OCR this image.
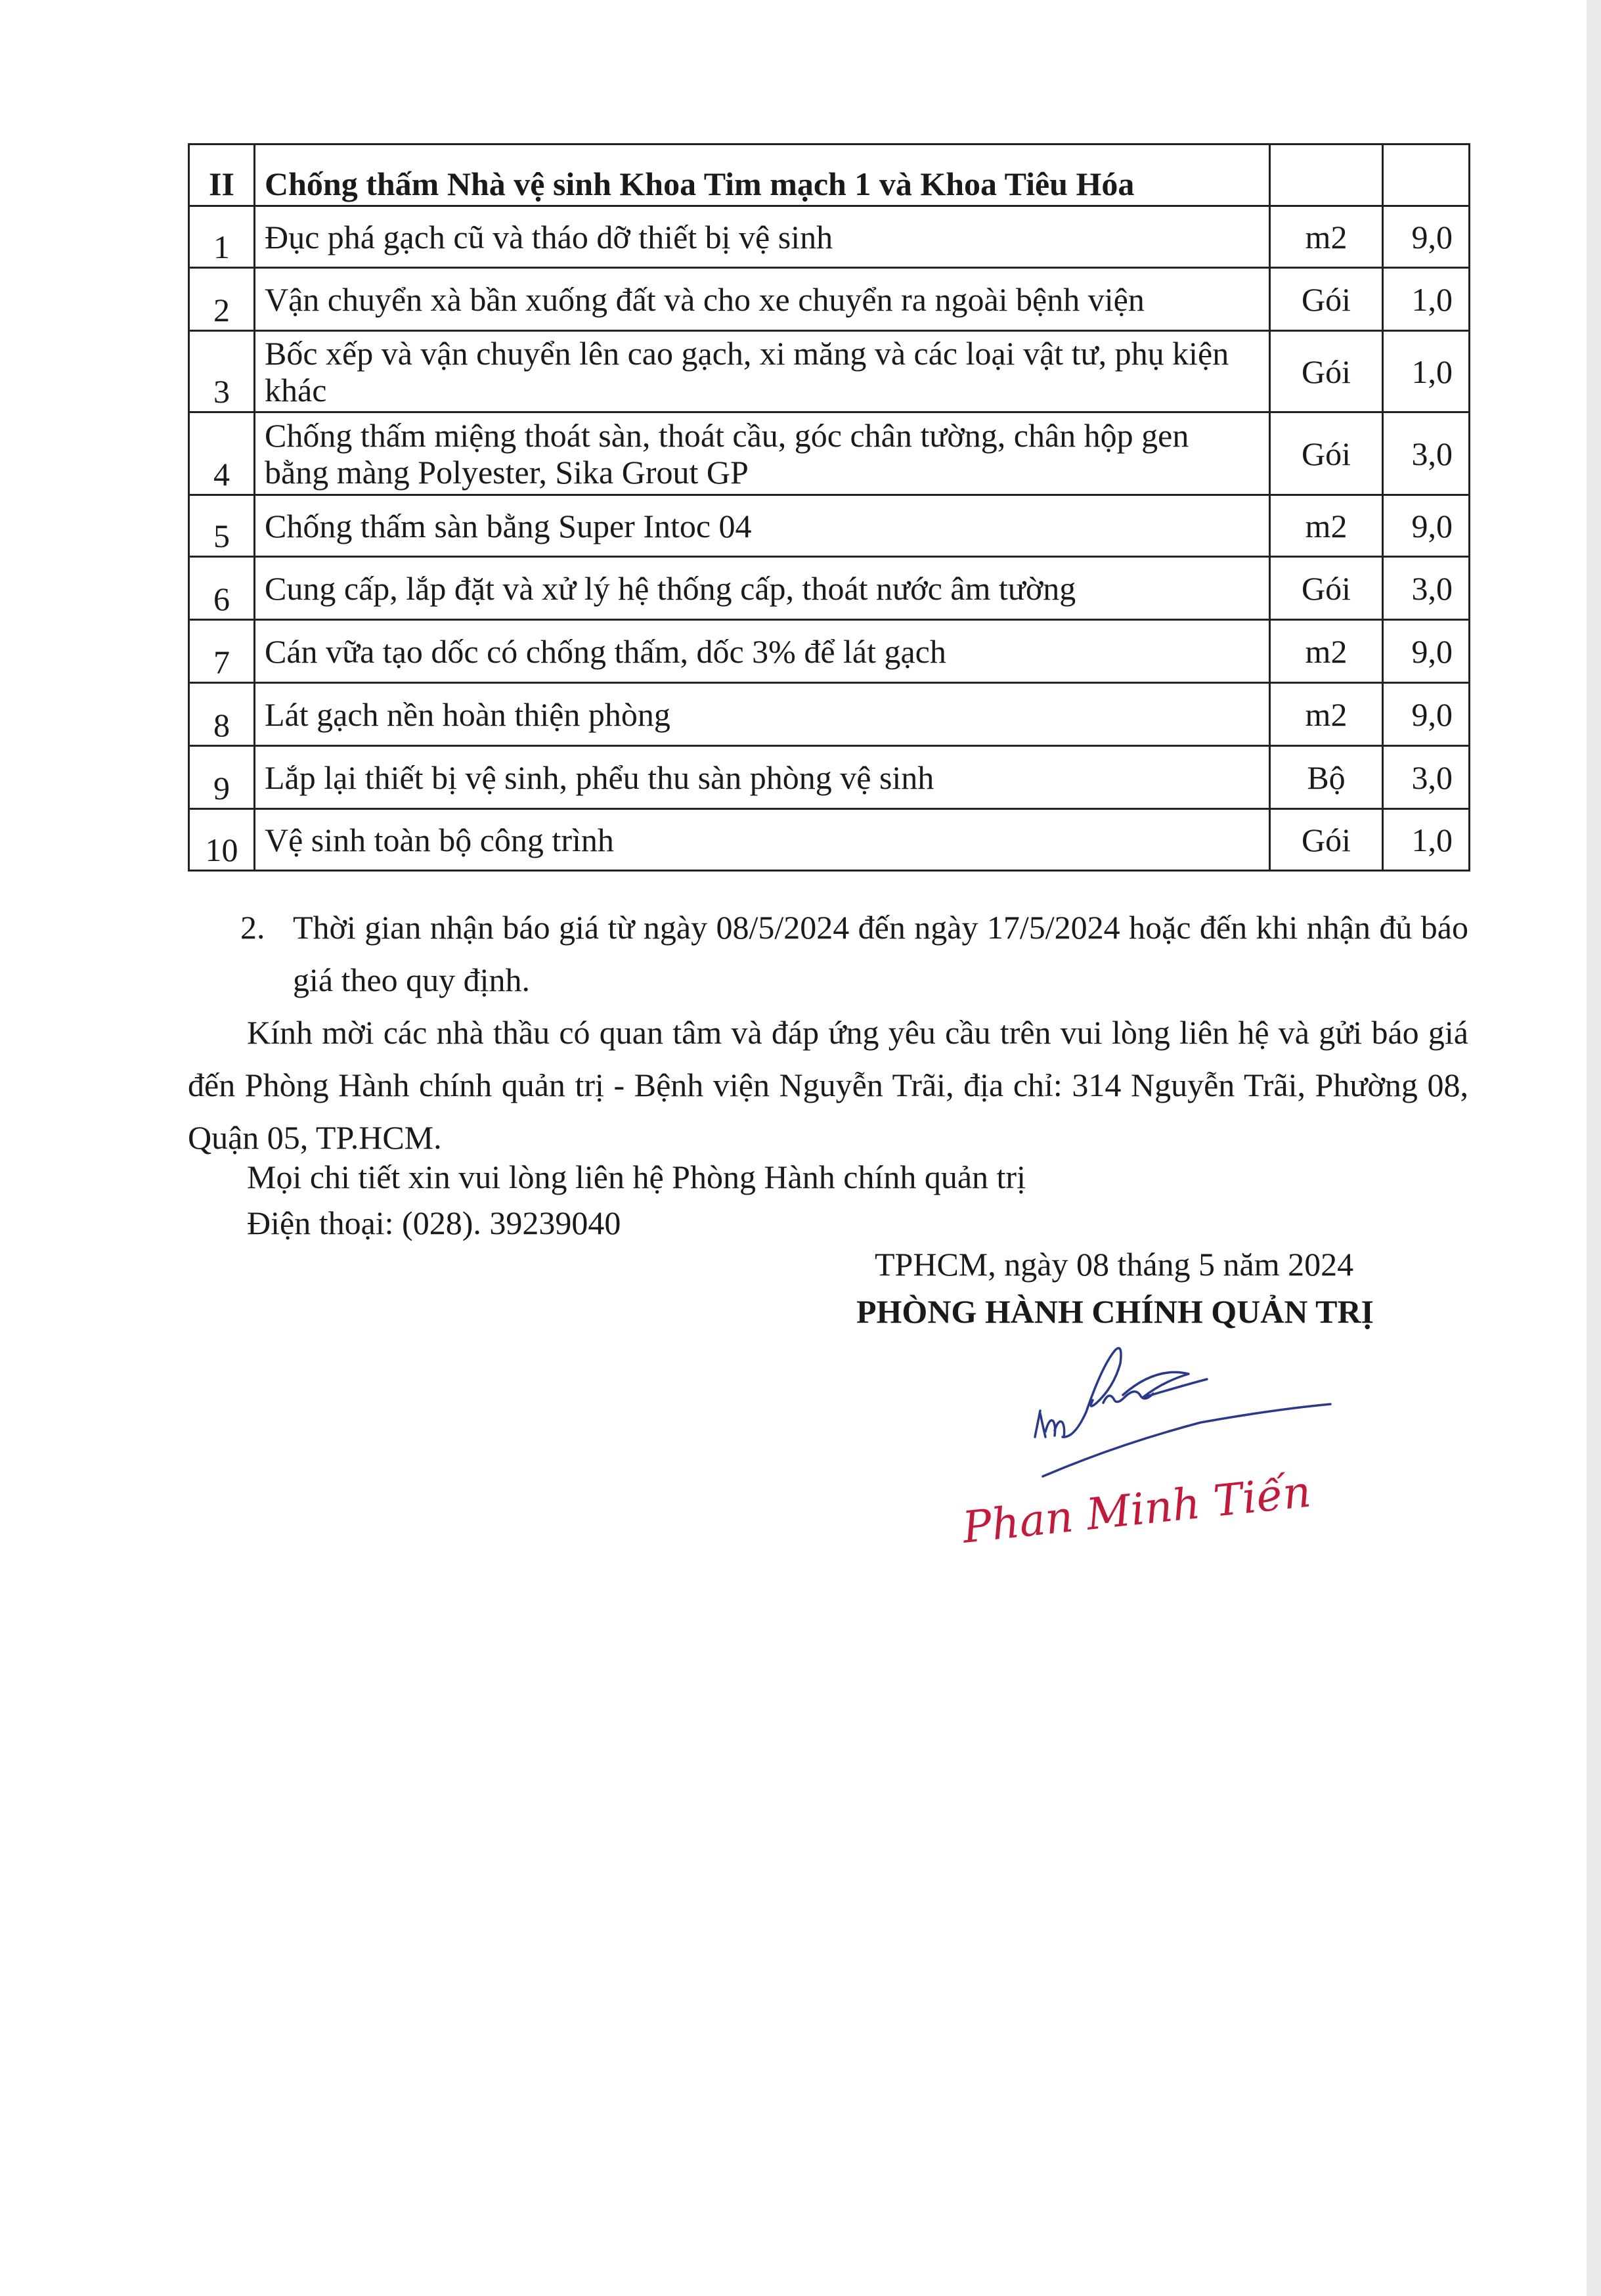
II	Chống thấm Nhà vệ sinh Khoa Tim mạch 1 và Khoa Tiêu Hóa		
1	Đục phá gạch cũ và tháo dỡ thiết bị vệ sinh	m2	9,0
2	Vận chuyển xà bần xuống đất và cho xe chuyển ra ngoài bệnh viện	Gói	1,0
3	Bốc xếp và vận chuyển lên cao gạch, xi măng và các loại vật tư, phụ kiện khác	Gói	1,0
4	Chống thấm miệng thoát sàn, thoát cầu, góc chân tường, chân hộp gen bằng màng Polyester, Sika Grout GP	Gói	3,0
5	Chống thấm sàn bằng Super Intoc 04	m2	9,0
6	Cung cấp, lắp đặt và xử lý hệ thống cấp, thoát nước âm tường	Gói	3,0
7	Cán vữa tạo dốc có chống thấm, dốc 3% để lát gạch	m2	9,0
8	Lát gạch nền hoàn thiện phòng	m2	9,0
9	Lắp lại thiết bị vệ sinh, phểu thu sàn phòng vệ sinh	Bộ	3,0
10	Vệ sinh toàn bộ công trình	Gói	1,0
2. Thời gian nhận báo giá từ ngày 08/5/2024 đến ngày 17/5/2024 hoặc đến khi nhận đủ báo giá theo quy định.
Kính mời các nhà thầu có quan tâm và đáp ứng yêu cầu trên vui lòng liên hệ và gửi báo giá đến Phòng Hành chính quản trị - Bệnh viện Nguyễn Trãi, địa chỉ: 314 Nguyễn Trãi, Phường 08, Quận 05, TP.HCM.
Mọi chi tiết xin vui lòng liên hệ Phòng Hành chính quản trị
Điện thoại: (028). 39239040
TPHCM, ngày 08 tháng 5 năm 2024
PHÒNG HÀNH CHÍNH QUẢN TRỊ
Phan Minh Tiến
